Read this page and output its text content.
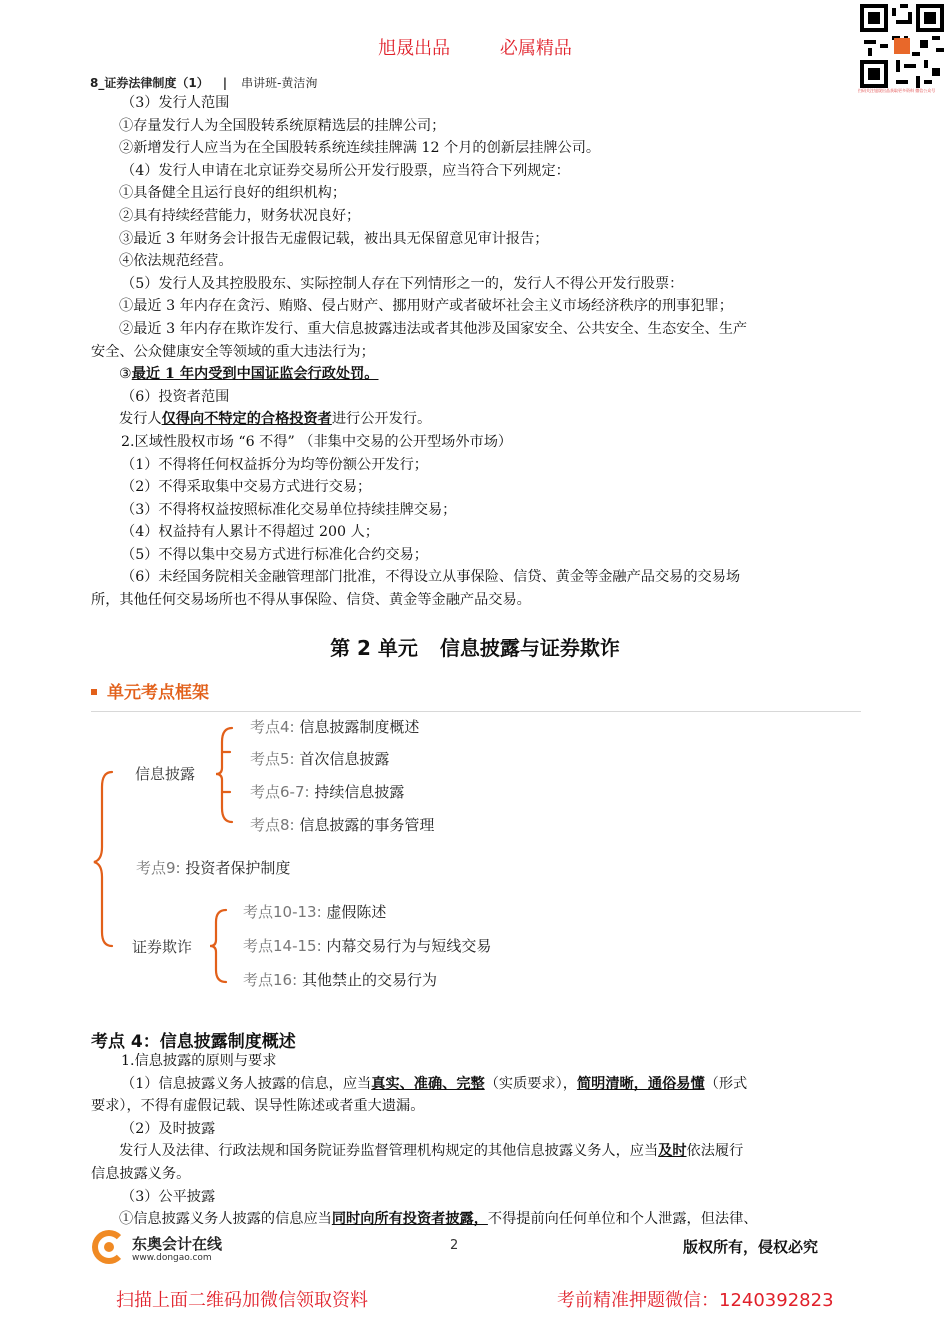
旭晟出品	必属精品
扫码关注旭晟出品获取更多资料 微信公众号
8_证券法律制度（1） | 串讲班-黄洁洵

（3）发行人范围

①存量发行人为全国股转系统原精选层的挂牌公司；

②新增发行人应当为在全国股转系统连续挂牌满 12 个月的创新层挂牌公司。

（4）发行人申请在北京证券交易所公开发行股票，应当符合下列规定：

①具备健全且运行良好的组织机构；

②具有持续经营能力，财务状况良好；

③最近 3 年财务会计报告无虚假记载，被出具无保留意见审计报告；

④依法规范经营。

（5）发行人及其控股股东、实际控制人存在下列情形之一的，发行人不得公开发行股票：

①最近 3 年内存在贪污、贿赂、侵占财产、挪用财产或者破坏社会主义市场经济秩序的刑事犯罪；

②最近 3 年内存在欺诈发行、重大信息披露违法或者其他涉及国家安全、公共安全、生态安全、生产

安全、公众健康安全等领域的重大违法行为；

③最近 1 年内受到中国证监会行政处罚。

（6）投资者范围

发行人仅得向不特定的合格投资者进行公开发行。

2.区域性股权市场 “6 不得” （非集中交易的公开型场外市场）

（1）不得将任何权益拆分为均等份额公开发行；

（2）不得采取集中交易方式进行交易；

（3）不得将权益按照标准化交易单位持续挂牌交易；

（4）权益持有人累计不得超过 200 人；

（5）不得以集中交易方式进行标准化合约交易；

（6）未经国务院相关金融管理部门批准，不得设立从事保险、信贷、黄金等金融产品交易的交易场

所，其他任何交易场所也不得从事保险、信贷、黄金等金融产品交易。

第 2 单元 信息披露与证券欺诈
单元考点框架
信息披露
考点4: 信息披露制度概述
考点5: 首次信息披露
考点6-7: 持续信息披露
考点8: 信息披露的事务管理
考点9: 投资者保护制度
证券欺诈
考点10-13: 虚假陈述
考点14-15: 内幕交易行为与短线交易
考点16: 其他禁止的交易行为
考点 4：信息披露制度概述

1.信息披露的原则与要求

（1）信息披露义务人披露的信息，应当真实、准确、完整（实质要求），简明清晰，通俗易懂（形式

要求），不得有虚假记载、误导性陈述或者重大遗漏。

（2）及时披露

发行人及法律、行政法规和国务院证券监督管理机构规定的其他信息披露义务人，应当及时依法履行

信息披露义务。

（3）公平披露

①信息披露义务人披露的信息应当同时向所有投资者披露，不得提前向任何单位和个人泄露，但法律、

东奥会计在线
www.dongao.com
2	版权所有，侵权必究
扫描上面二维码加微信领取资料	考前精准押题微信：1240392823
